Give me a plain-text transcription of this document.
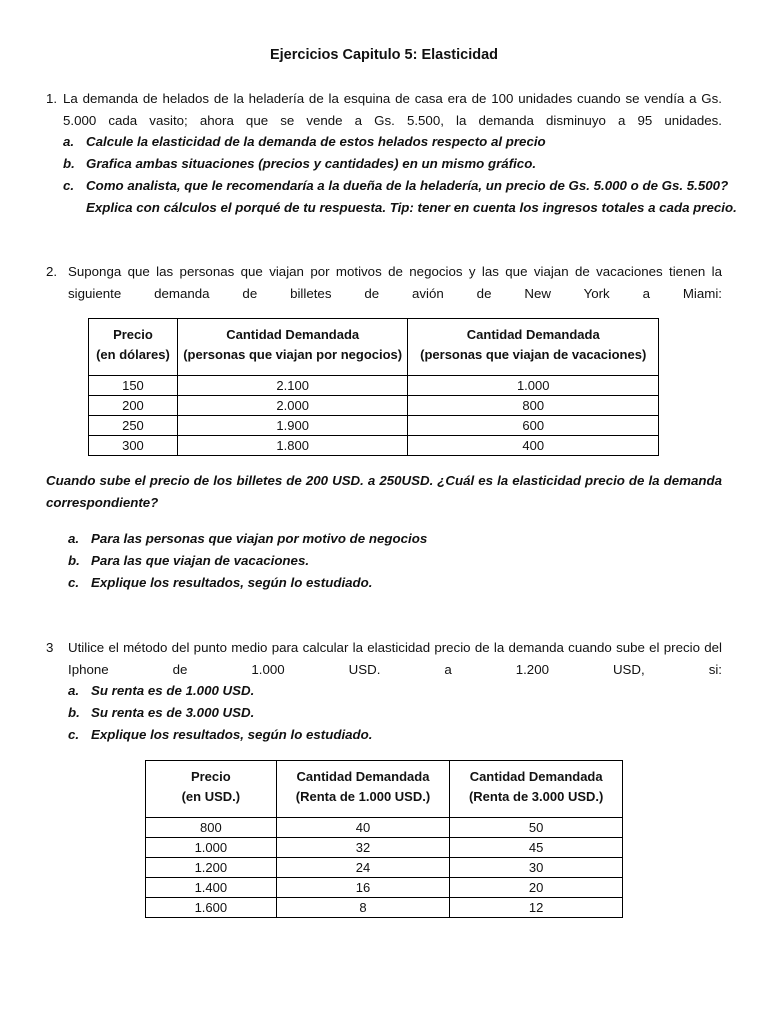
Ejercicios Capitulo 5: Elasticidad
1. La demanda de helados de la heladería de la esquina de casa era de 100 unidades cuando se vendía a Gs. 5.000 cada vasito; ahora que se vende a Gs. 5.500, la demanda disminuyo a 95 unidades.

a. Calcule la elasticidad de la demanda de estos helados respecto al precio
b. Grafica ambas situaciones (precios y cantidades) en un mismo gráfico.
c. Como analista, que le recomendaría a la dueña de la heladería, un precio de Gs. 5.000 o de Gs. 5.500?
Explica con cálculos el porqué de tu respuesta. Tip: tener en cuenta los ingresos totales a cada precio.
2. Suponga que las personas que viajan por motivos de negocios y las que viajan de vacaciones tienen la siguiente demanda de billetes de avión de New York a Miami:

Precio
(en dólares)	Cantidad Demandada
(personas que viajan por negocios)	Cantidad Demandada
(personas que viajan de vacaciones)
150	2.100	1.000
200	2.000	800
250	1.900	600
300	1.800	400

Cuando sube el precio de los billetes de 200 USD. a 250USD. ¿Cuál es la elasticidad precio de la demanda correspondiente?

a. Para las personas que viajan por motivo de negocios
b. Para las que viajan de vacaciones.
c. Explique los resultados, según lo estudiado.
3 Utilice el método del punto medio para calcular la elasticidad precio de la demanda cuando sube el precio del Iphone de 1.000 USD. a 1.200 USD, si:

a. Su renta es de 1.000 USD.
b. Su renta es de 3.000 USD.
c. Explique los resultados, según lo estudiado.
Precio
(en USD.)	Cantidad Demandada
(Renta de 1.000 USD.)	Cantidad Demandada
(Renta de 3.000 USD.)
800	40	50
1.000	32	45
1.200	24	30
1.400	16	20
1.600	8	12
